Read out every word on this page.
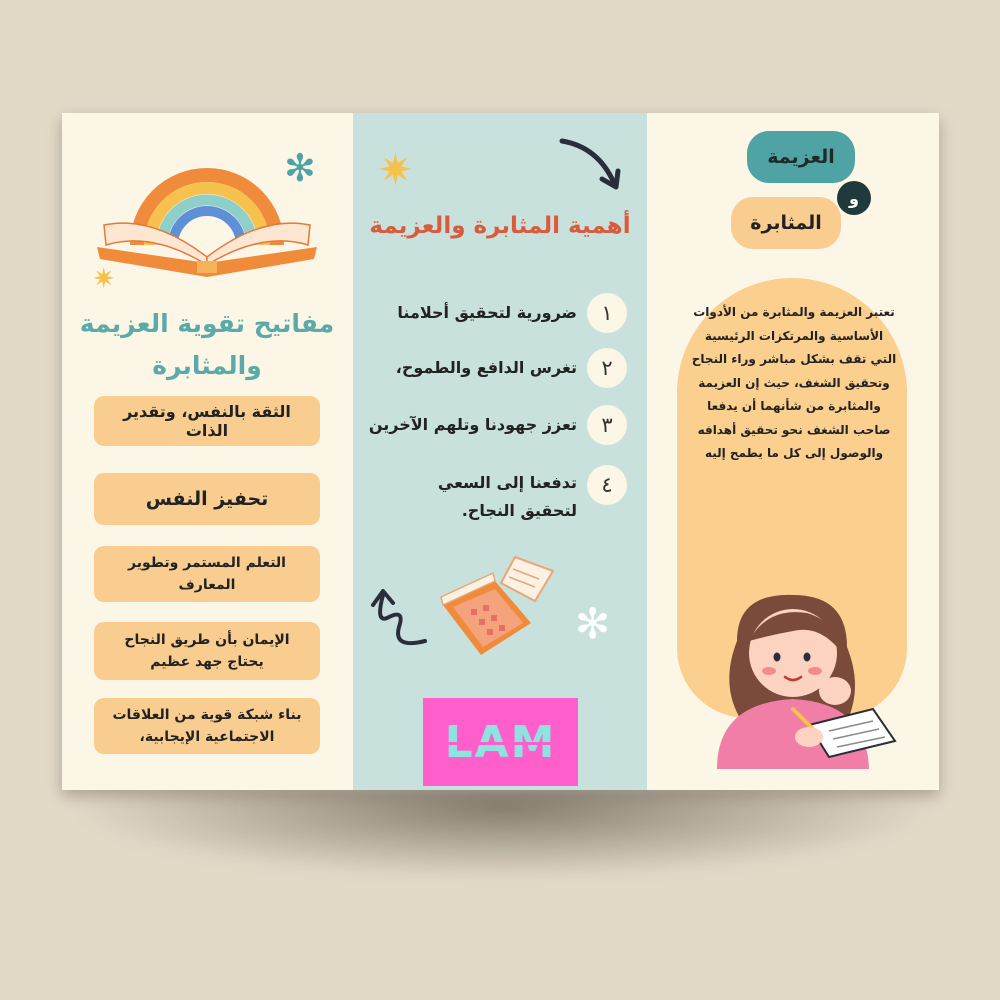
✻
✷
مفاتيح تقوية العزيمة والمثابرة
الثقة بالنفس، وتقدير الذات
تحفيز النفس
التعلم المستمر وتطوير المعارف
الإيمان بأن طريق النجاح يحتاج جهد عظيم
بناء شبكة قوية من العلاقات الاجتماعية الإيجابية،
✷
أهمية المثابرة والعزيمة
١
ضرورية لتحقيق أحلامنا
٢
تغرس الدافع والطموح،
٣
تعزز جهودنا وتلهم الآخرين
٤
تدفعنا إلى السعي لتحقيق النجاح.
✻
LAM
العزيمة
المثابرة
و
تعتبر العزيمة والمثابرة من الأدوات الأساسية والمرتكزات الرئيسية التي تقف بشكل مباشر وراء النجاح وتحقيق الشغف، حيث إن العزيمة والمثابرة من شأنهما أن يدفعا صاحب الشغف نحو تحقيق أهدافه والوصول إلى كل ما يطمح إليه
